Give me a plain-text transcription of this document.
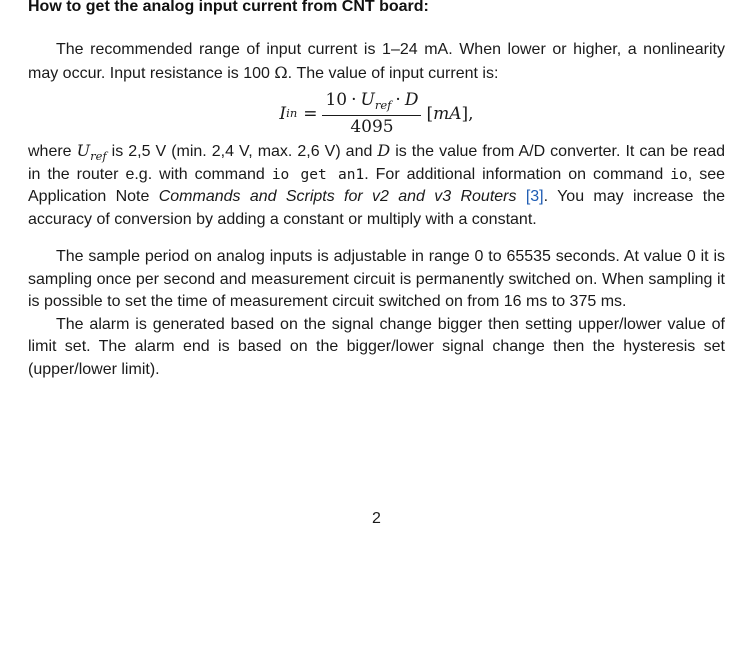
How to get the analog input current from CNT board:

The recommended range of input current is 1–24 mA. When lower or higher, a nonlinearity may occur. Input resistance is 100 Ω. The value of input current is:

I in = $\frac{10 \cdot U_{ref} \cdot D}{4095}$ [ mA ],

where $U_{ref}$ is 2,5 V (min. 2,4 V, max. 2,6 V) and D is the value from A/D converter. It can be read in the router e.g. with command io get an1. For additional information on command io, see Application Note Commands and Scripts for v2 and v3 Routers [3]. You may increase the accuracy of conversion by adding a constant or multiply with a constant.

The sample period on analog inputs is adjustable in range 0 to 65535 seconds. At value 0 it is sampling once per second and measurement circuit is permanently switched on. When sampling it is possible to set the time of measurement circuit switched on from 16 ms to 375 ms.

The alarm is generated based on the signal change bigger then setting upper/lower value of limit set. The alarm end is based on the bigger/lower signal change then the hysteresis set (upper/lower limit).

2
